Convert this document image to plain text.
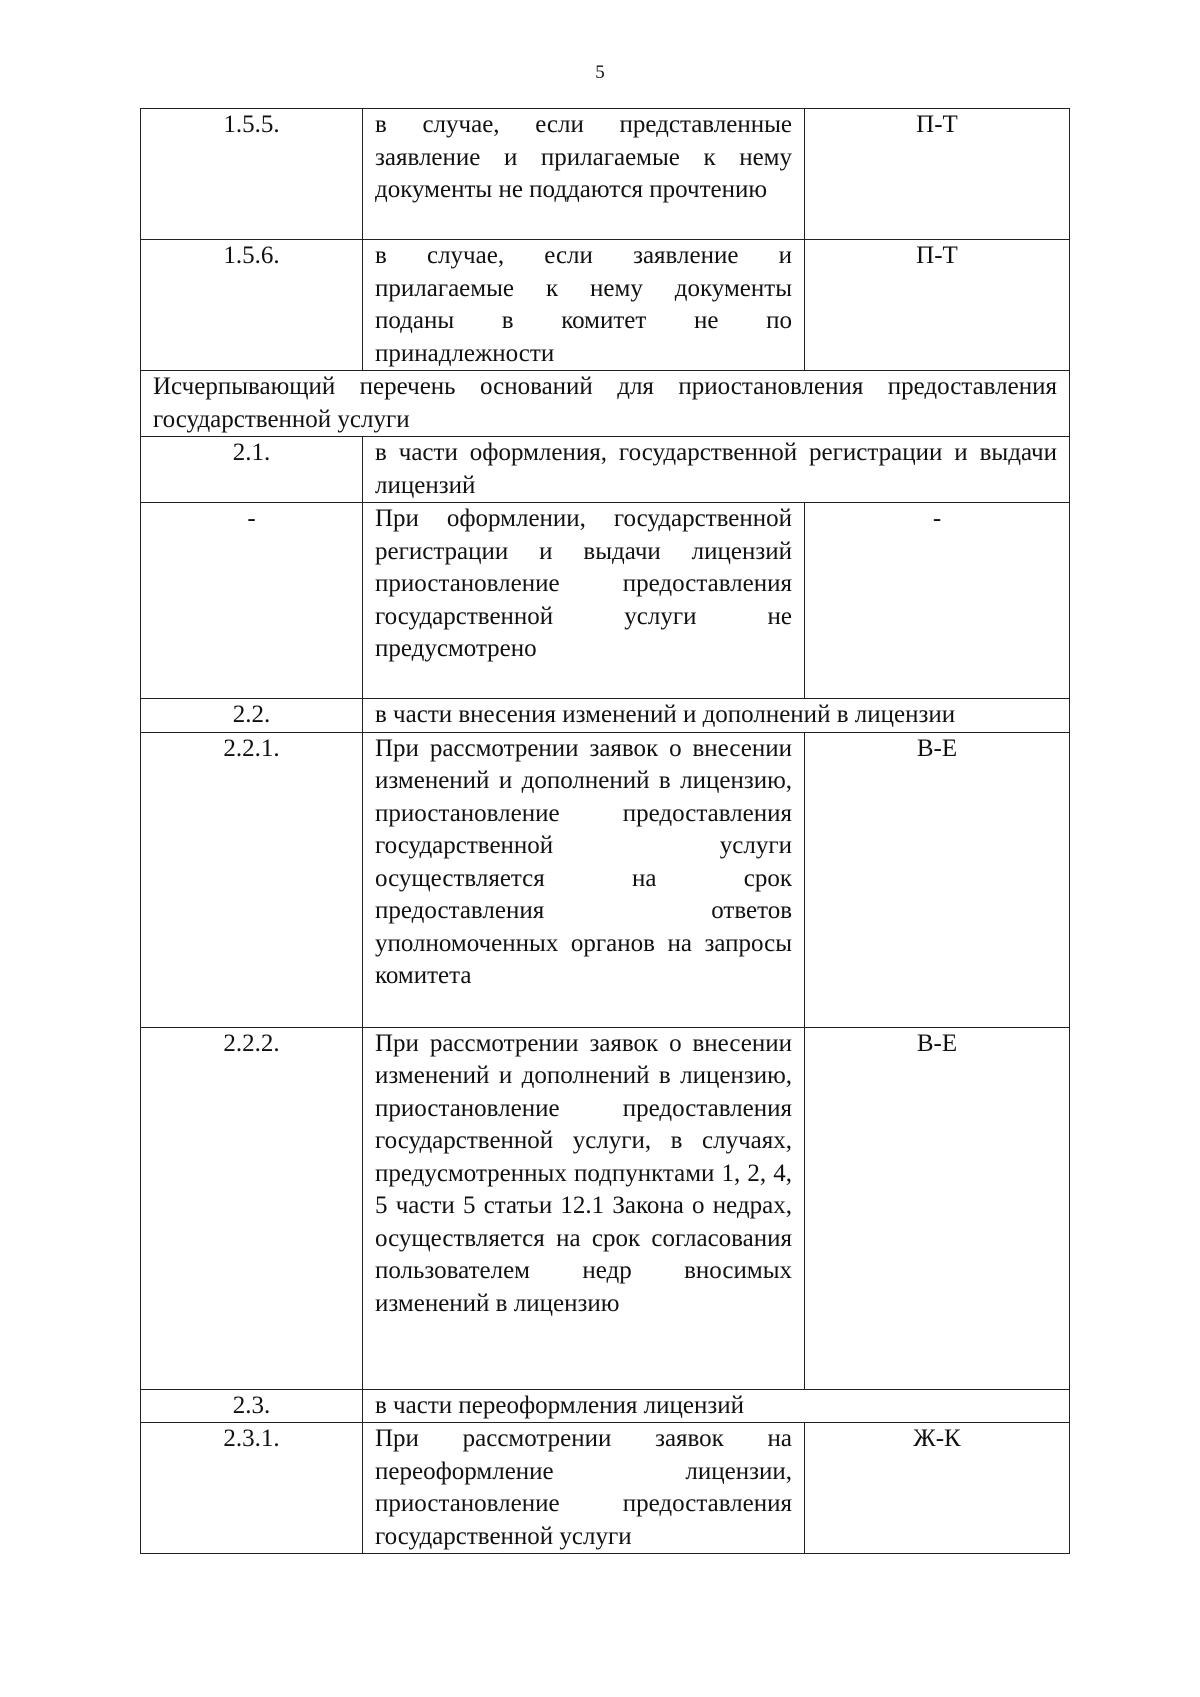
5
1.5.5.	в случае, если представленные заявление и прилагаемые к нему документы не поддаются прочтению	П-Т
1.5.6.	в случае, если заявление и прилагаемые к нему документы поданы в комитет не по принадлежности	П-Т
Исчерпывающий перечень оснований для приостановления предоставления государственной услуги		
2.1.	в части оформления, государственной регистрации и выдачи лицензий	
-	При оформлении, государственной регистрации и выдачи лицензий приостановление предоставления государственной услуги не предусмотрено	-
2.2.	в части внесения изменений и дополнений в лицензии	
2.2.1.	При рассмотрении заявок о внесении изменений и дополнений в лицензию, приостановление предоставления государственной услуги осуществляется на срок предоставления ответов уполномоченных органов на запросы комитета	В-Е
2.2.2.	При рассмотрении заявок о внесении изменений и дополнений в лицензию, приостановление предоставления государственной услуги, в случаях, предусмотренных подпунктами 1, 2, 4, 5 части 5 статьи 12.1 Закона о недрах, осуществляется на срок согласования пользователем недр вносимых изменений в лицензию	В-Е
2.3.	в части переоформления лицензий	
2.3.1.	При рассмотрении заявок на переоформление лицензии, приостановление предоставления государственной услуги	Ж-К
